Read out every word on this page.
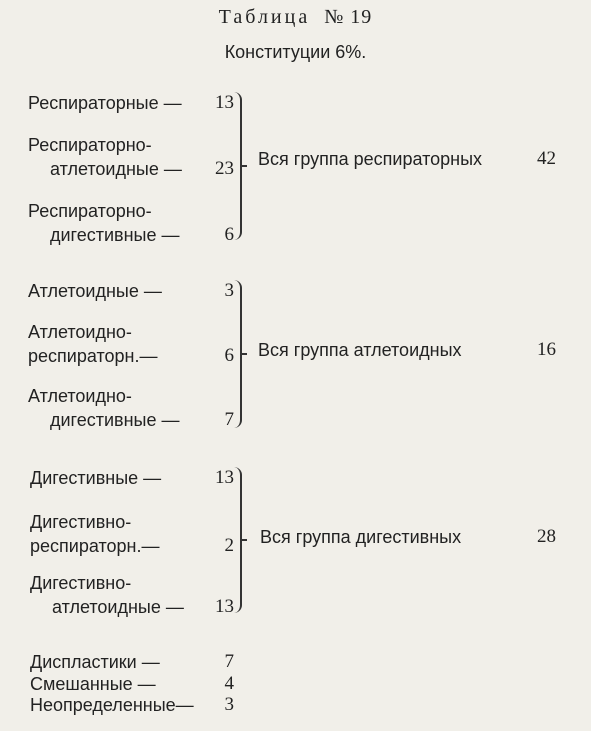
Таблица № 19
Конституции 6%.
Респираторные —	13
Респираторно-
атлетоидные —	23
Респираторно-
дигестивные —	6
Вся группа респираторных	42
Атлетоидные —	3
Атлетоидно-
респираторн.—	6
Атлетоидно-
дигестивные —	7
Вся группа атлетоидных	16
Дигестивные —	13
Дигестивно-
респираторн.—	2
Дигестивно-
атлетоидные —	13
Вся группа дигестивных	28
Диспластики —	7
Смешанные —	4
Неопределенные—	3
